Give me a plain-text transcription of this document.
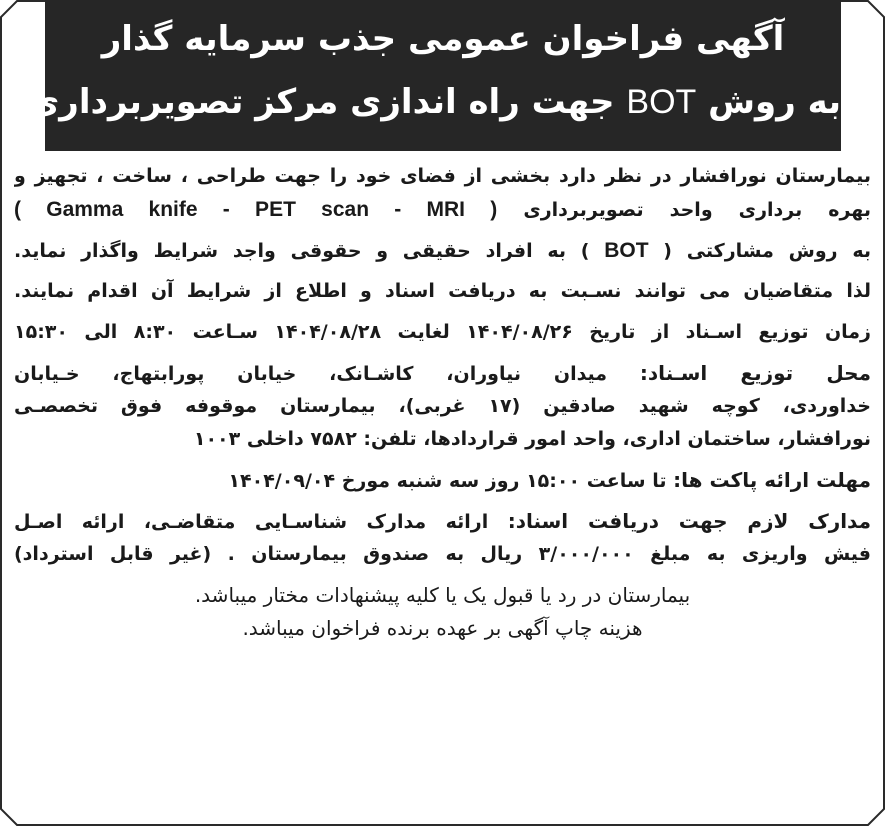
آگهی فراخوان عمومی جذب سرمایه گذار
به روش BOT جهت راه اندازی مرکز تصویربرداری
بیمارستان نورافشار در نظر دارد بخشی از فضای خود را جهت طراحی ، ساخت ، تجهیز و
بهره برداری واحد تصویربرداری ( Gamma knife - PET scan - MRI )
به روش مشارکتی ( BOT ) به افراد حقیقی و حقوقی واجد شرایط واگذار نماید.
لذا متقاضیان می توانند نسـبت به دریافت اسناد و اطلاع از شرایط آن اقدام نمایند.
زمان توزیع اسـناد از تاریخ ۱۴۰۴/۰۸/۲۶ لغایت ۱۴۰۴/۰۸/۲۸ سـاعت ۸:۳۰ الی ۱۵:۳۰
محل توزیع اسـناد: میدان نیاوران، کاشـانک، خیابان پورابتهاج، خـیابان
خداوردی، کوچه شهید صادقین (۱۷ غربی)، بیمارستان موقوفه فوق تخصصـی
نورافشار، ساختمان اداری، واحد امور قراردادها، تلفن: ۷۵۸۲ داخلی ۱۰۰۳
مهلت ارائه پاکت ها: تا ساعت ۱۵:۰۰ روز سه شنبه مورخ ۱۴۰۴/۰۹/۰۴
مدارک لازم جهت دریافت اسناد: ارائه مدارک شناسـایی متقاضـی، ارائه اصـل
فیش واریزی به مبلغ ۳/۰۰۰/۰۰۰ ریال به صندوق بیمارستان . (غیر قابل استرداد)
بیمارستان در رد یا قبول یک یا کلیه پیشنهادات مختار میباشد.
هزینه چاپ آگهی بر عهده برنده فراخوان میباشد.
